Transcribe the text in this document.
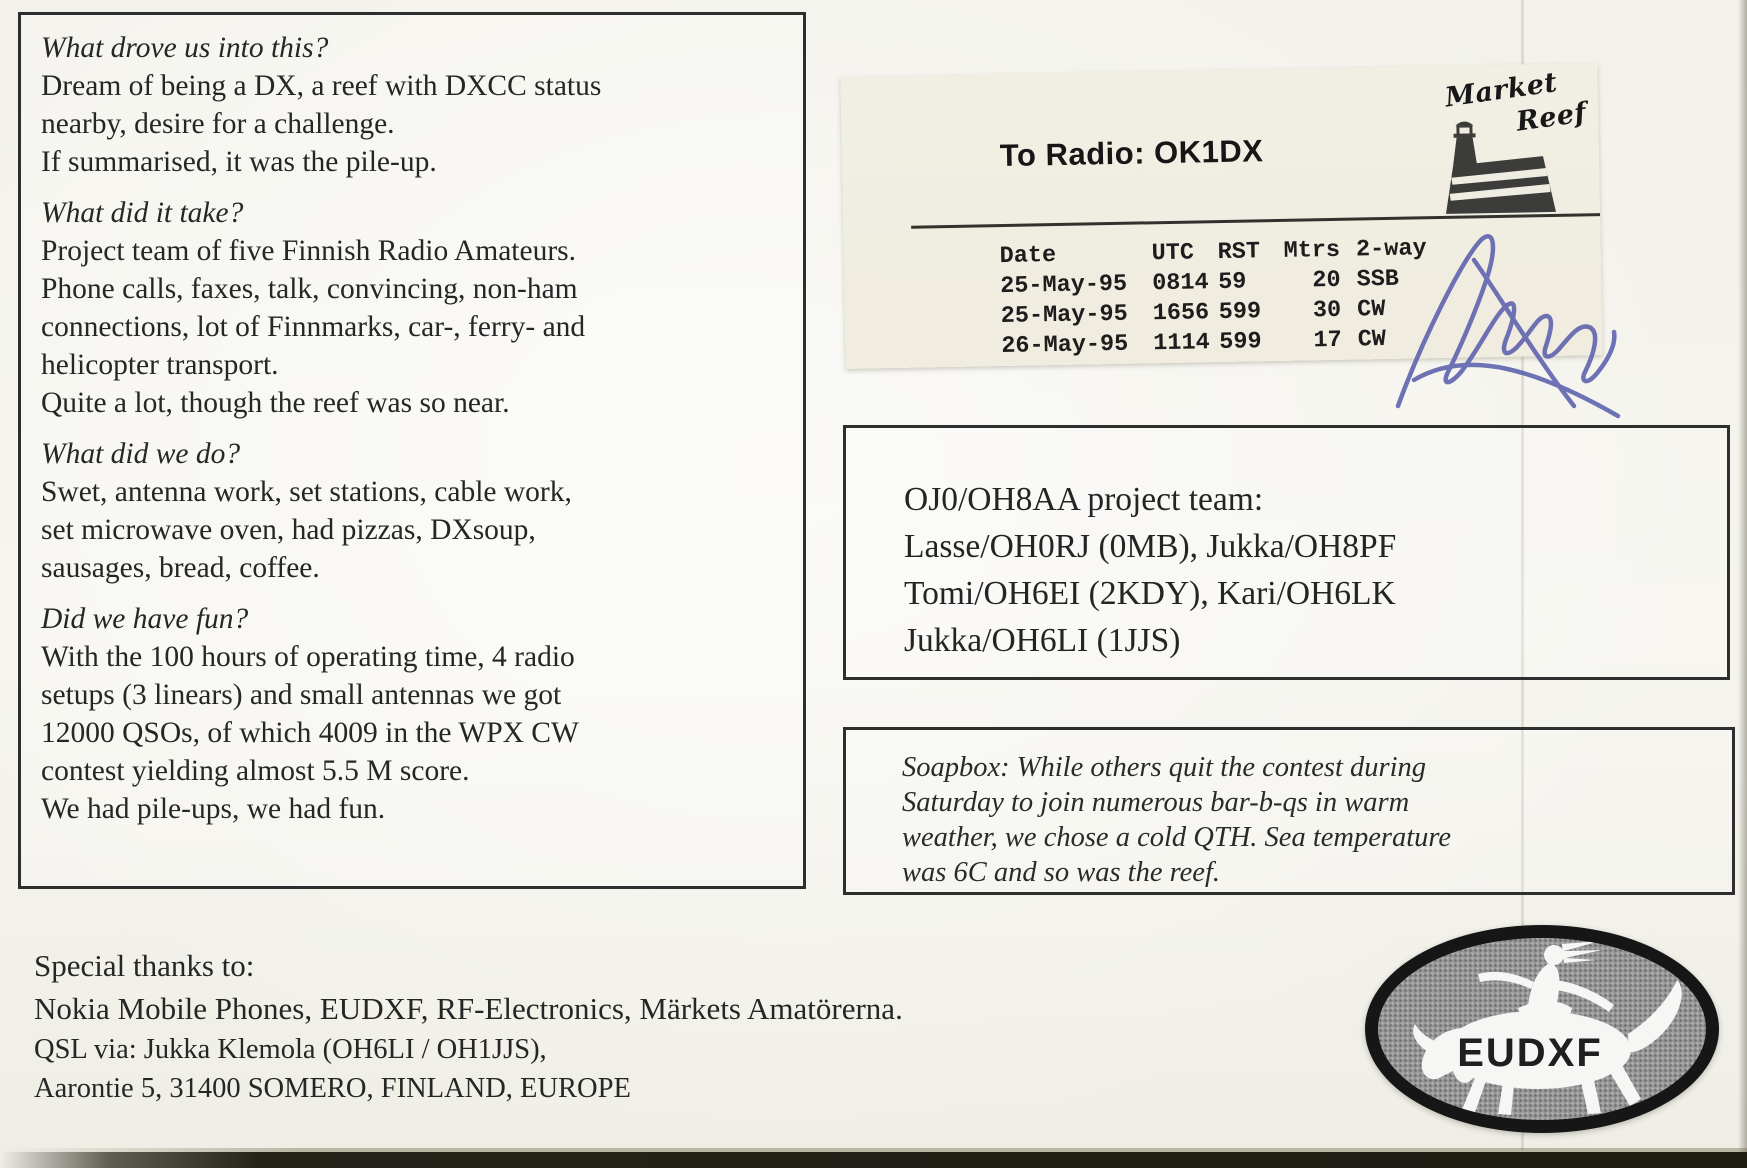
What drove us into this?
Dream of being a DX, a reef with DXCC status
nearby, desire for a challenge.
If summarised, it was the pile-up.
What did it take?
Project team of five Finnish Radio Amateurs.
Phone calls, faxes, talk, convincing, non-ham
connections, lot of Finnmarks, car-, ferry- and
helicopter transport.
Quite a lot, though the reef was so near.
What did we do?
Swet, antenna work, set stations, cable work,
set microwave oven, had pizzas, DXsoup,
sausages, bread, coffee.
Did we have fun?
With the 100 hours of operating time, 4 radio
setups (3 linears) and small antennas we got
12000 QSOs, of which 4009 in the WPX CW
contest yielding almost 5.5 M score.
We had pile-ups, we had fun.
To Radio: OK1DX
Market
Reef
Date	UTC	RST	Mtrs	2-way
25-May-95	0814	59	20	SSB
25-May-95	1656	599	30	CW
26-May-95	1114	599	17	CW
OJ0/OH8AA project team:
Lasse/OH0RJ (0MB), Jukka/OH8PF
Tomi/OH6EI (2KDY), Kari/OH6LK
Jukka/OH6LI (1JJS)
Soapbox: While others quit the contest during
Saturday to join numerous bar-b-qs in warm
weather, we chose a cold QTH. Sea temperature
was 6C and so was the reef.
Special thanks to:
Nokia Mobile Phones, EUDXF, RF-Electronics, Märkets Amatörerna.
QSL via: Jukka Klemola (OH6LI / OH1JJS),
Aarontie 5, 31400 SOMERO, FINLAND, EUROPE
EUDXF
